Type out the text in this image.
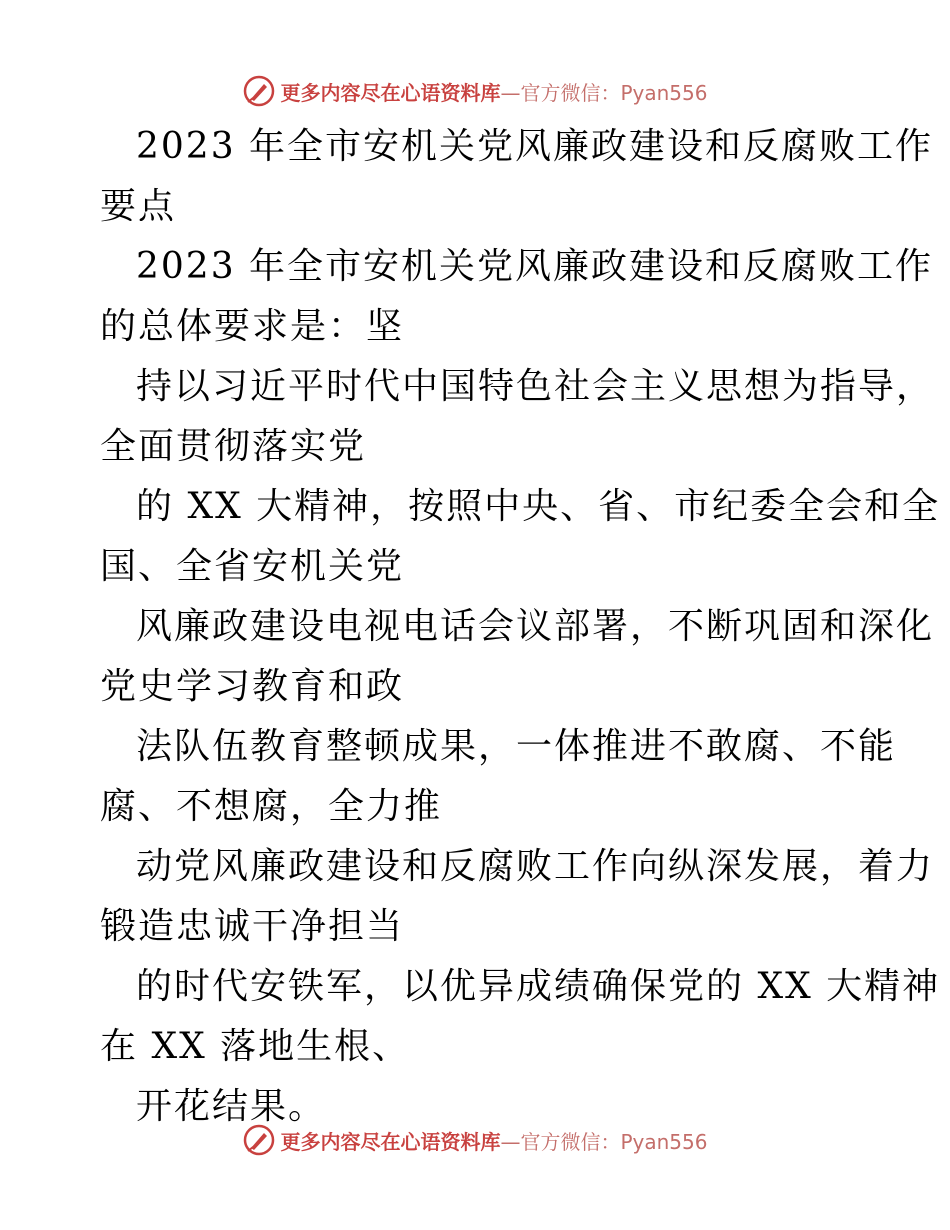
更多内容尽在心语资料库—官方微信：Pyan556
2023 年全市安机关党风廉政建设和反腐败工作
要点
2023 年全市安机关党风廉政建设和反腐败工作
的总体要求是：坚
持以习近平时代中国特色社会主义思想为指导，
全面贯彻落实党
的 XX 大精神，按照中央、省、市纪委全会和全
国、全省安机关党
风廉政建设电视电话会议部署，不断巩固和深化
党史学习教育和政
法队伍教育整顿成果，一体推进不敢腐、不能
腐、不想腐，全力推
动党风廉政建设和反腐败工作向纵深发展，着力
锻造忠诚干净担当
的时代安铁军，以优异成绩确保党的 XX 大精神
在 XX 落地生根、
开花结果。
更多内容尽在心语资料库—官方微信：Pyan556
